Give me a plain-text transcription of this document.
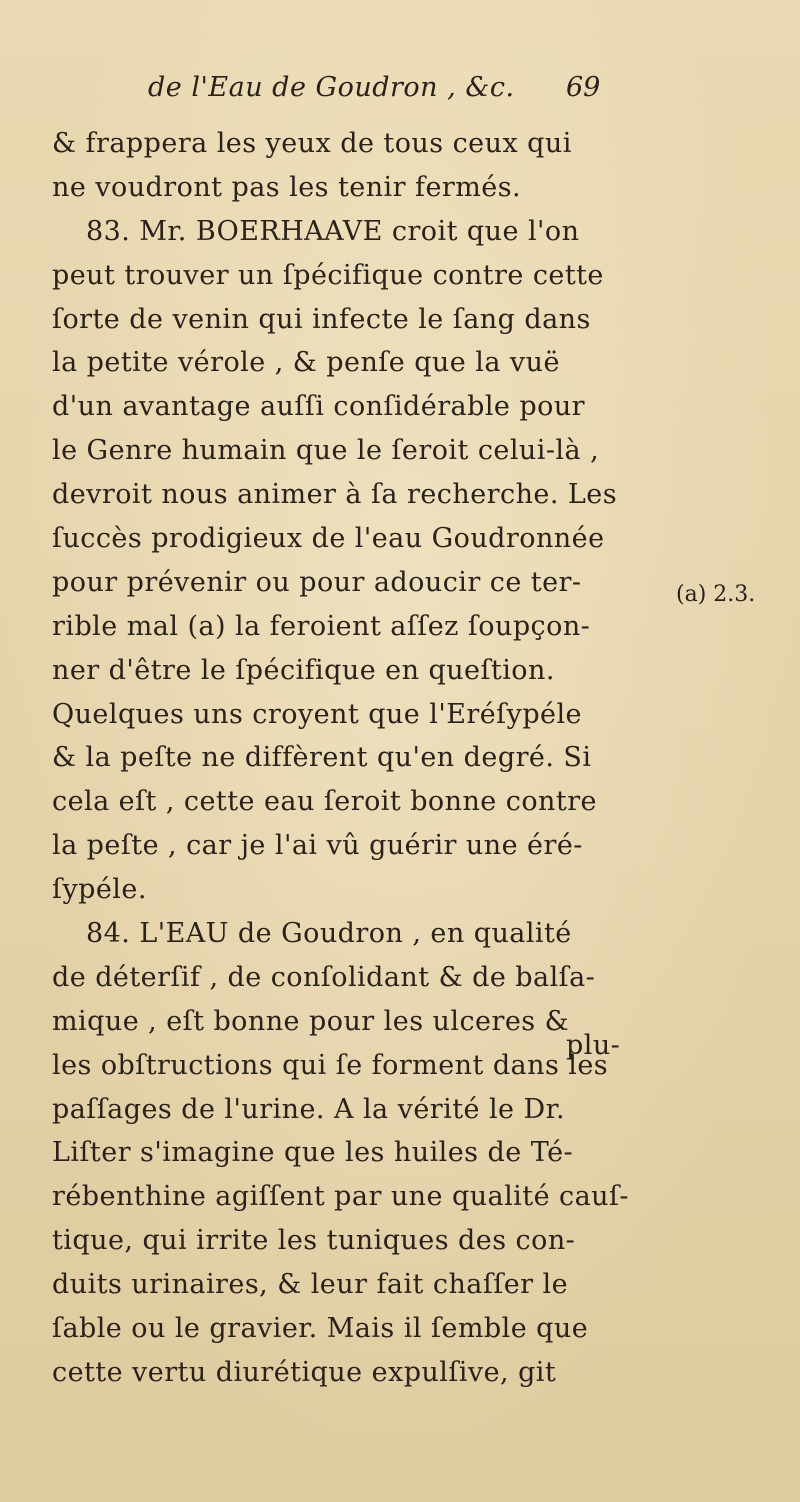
de l'Eau de Goudron , &c. 69
& frappera les yeux de tous ceux qui
ne voudront pas les tenir fermés.
83. Mr. BOERHAAVE croit que l'on
peut trouver un ſpécifique contre cette
ſorte de venin qui infecte le ſang dans
la petite vérole , & penſe que la vuë
d'un avantage auſſi conſidérable pour
le Genre humain que le ſeroit celui-là ,
devroit nous animer à ſa recherche. Les
ſuccès prodigieux de l'eau Goudronnée
pour prévenir ou pour adoucir ce ter-
rible mal (a) la feroient aſſez ſoupçon-
ner d'être le ſpécifique en queſtion.
Quelques uns croyent que l'Eréſypéle
& la peſte ne diffèrent qu'en degré. Si
cela eſt , cette eau ſeroit bonne contre
la peſte , car je l'ai vû guérir une éré-
ſypéle.
84. L'EAU de Goudron , en qualité
de déterſif , de conſolidant & de balſa-
mique , eſt bonne pour les ulceres &
les obſtructions qui ſe forment dans les
paſſages de l'urine. A la vérité le Dr.
Liſter s'imagine que les huiles de Té-
rébenthine agiſſent par une qualité cauſ-
tique, qui irrite les tuniques des con-
duits urinaires, & leur fait chaſſer le
ſable ou le gravier. Mais il ſemble que
cette vertu diurétique expulſive, git
(a) 2.3.
plu-
